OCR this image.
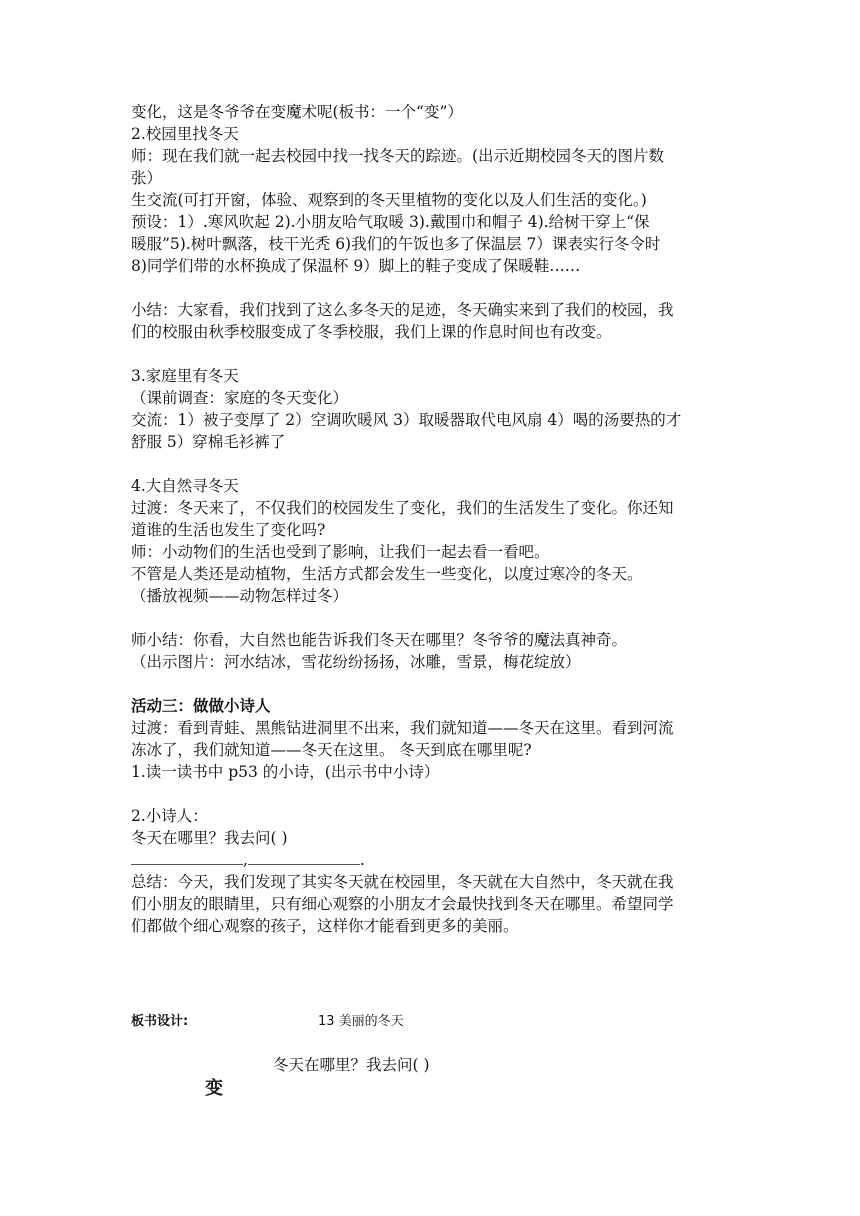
变化，这是冬爷爷在变魔术呢(板书：一个“变”）
2.校园里找冬天
师：现在我们就一起去校园中找一找冬天的踪迹。(出示近期校园冬天的图片数
张）
生交流(可打开窗，体验、观察到的冬天里植物的变化以及人们生活的变化。)
预设：1）.寒风吹起 2).小朋友哈气取暖 3).戴围巾和帽子 4).给树干穿上“保
暖服”5).树叶飘落，枝干光秃 6)我们的午饭也多了保温层 7）课表实行冬令时
8)同学们带的水杯换成了保温杯 9）脚上的鞋子变成了保暖鞋……
小结：大家看，我们找到了这么多冬天的足迹，冬天确实来到了我们的校园，我
们的校服由秋季校服变成了冬季校服，我们上课的作息时间也有改变。
3.家庭里有冬天
（课前调查：家庭的冬天变化）
交流：1）被子变厚了 2）空调吹暖风 3）取暖器取代电风扇 4）喝的汤要热的才
舒服 5）穿棉毛衫裤了
4.大自然寻冬天
过渡：冬天来了，不仅我们的校园发生了变化，我们的生活发生了变化。你还知
道谁的生活也发生了变化吗?
师：小动物们的生活也受到了影响，让我们一起去看一看吧。
不管是人类还是动植物，生活方式都会发生一些变化，以度过寒冷的冬天。
（播放视频——动物怎样过冬）
师小结：你看，大自然也能告诉我们冬天在哪里？冬爷爷的魔法真神奇。
（出示图片：河水结冰，雪花纷纷扬扬，冰雕，雪景，梅花绽放）
活动三：做做小诗人
过渡：看到青蛙、黑熊钻进洞里不出来，我们就知道——冬天在这里。看到河流
冻冰了，我们就知道——冬天在这里。 冬天到底在哪里呢?
1.读一读书中 p53 的小诗，(出示书中小诗）
2.小诗人：
冬天在哪里？我去问( )
,	.
总结：今天，我们发现了其实冬天就在校园里，冬天就在大自然中，冬天就在我
们小朋友的眼睛里，只有细心观察的小朋友才会最快找到冬天在哪里。希望同学
们都做个细心观察的孩子，这样你才能看到更多的美丽。
板书设计:	13 美丽的冬天
冬天在哪里？我去问( )
变
